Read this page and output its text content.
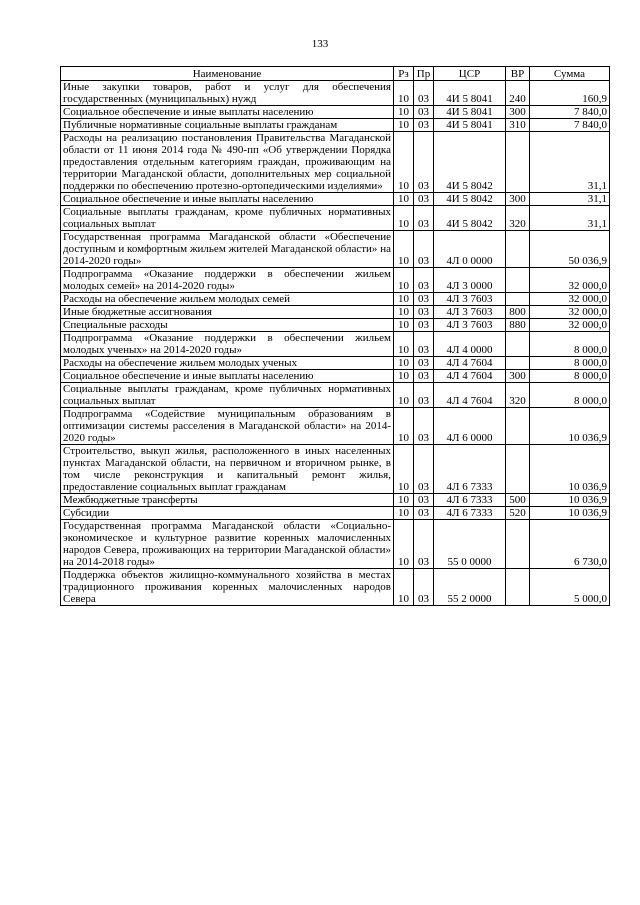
133
Наименование	Рз	Пр	ЦСР	ВР	Сумма
Иные закупки товаров, работ и услуг для обеспечения государственных (муниципальных) нужд	10	03	4И 5 8041	240	160,9
Социальное обеспечение и иные выплаты населению	10	03	4И 5 8041	300	7 840,0
Публичные нормативные социальные выплаты гражданам	10	03	4И 5 8041	310	7 840,0
Расходы на реализацию постановления Правительства Магаданской области от 11 июня 2014 года № 490-пп «Об утверждении Порядка предоставления отдельным категориям граждан, проживающим на территории Магаданской области, дополнительных мер социальной поддержки по обеспечению протезно-ортопедическими изделиями»	10	03	4И 5 8042		31,1
Социальное обеспечение и иные выплаты населению	10	03	4И 5 8042	300	31,1
Социальные выплаты гражданам, кроме публичных нормативных социальных выплат	10	03	4И 5 8042	320	31,1
Государственная программа Магаданской области «Обеспечение доступным и комфортным жильем жителей Магаданской области» на 2014-2020 годы»	10	03	4Л 0 0000		50 036,9
Подпрограмма «Оказание поддержки в обеспечении жильем молодых семей» на 2014-2020 годы»	10	03	4Л 3 0000		32 000,0
Расходы на обеспечение жильем молодых семей	10	03	4Л 3 7603		32 000,0
Иные бюджетные ассигнования	10	03	4Л 3 7603	800	32 000,0
Специальные расходы	10	03	4Л 3 7603	880	32 000,0
Подпрограмма «Оказание поддержки в обеспечении жильем молодых ученых» на 2014-2020 годы»	10	03	4Л 4 0000		8 000,0
Расходы на обеспечение жильем молодых ученых	10	03	4Л 4 7604		8 000,0
Социальное обеспечение и иные выплаты населению	10	03	4Л 4 7604	300	8 000,0
Социальные выплаты гражданам, кроме публичных нормативных социальных выплат	10	03	4Л 4 7604	320	8 000,0
Подпрограмма «Содействие муниципальным образованиям в оптимизации системы расселения в Магаданской области» на 2014-2020 годы»	10	03	4Л 6 0000		10 036,9
Строительство, выкуп жилья, расположенного в иных населенных пунктах Магаданской области, на первичном и вторичном рынке, в том числе реконструкция и капитальный ремонт жилья, предоставление социальных выплат гражданам	10	03	4Л 6 7333		10 036,9
Межбюджетные трансферты	10	03	4Л 6 7333	500	10 036,9
Субсидии	10	03	4Л 6 7333	520	10 036,9
Государственная программа Магаданской области «Социально-экономическое и культурное развитие коренных малочисленных народов Севера, проживающих на территории Магаданской области» на 2014-2018 годы»	10	03	55 0 0000		6 730,0
Поддержка объектов жилищно-коммунального хозяйства в местах традиционного проживания коренных малочисленных народов Севера	10	03	55 2 0000		5 000,0
